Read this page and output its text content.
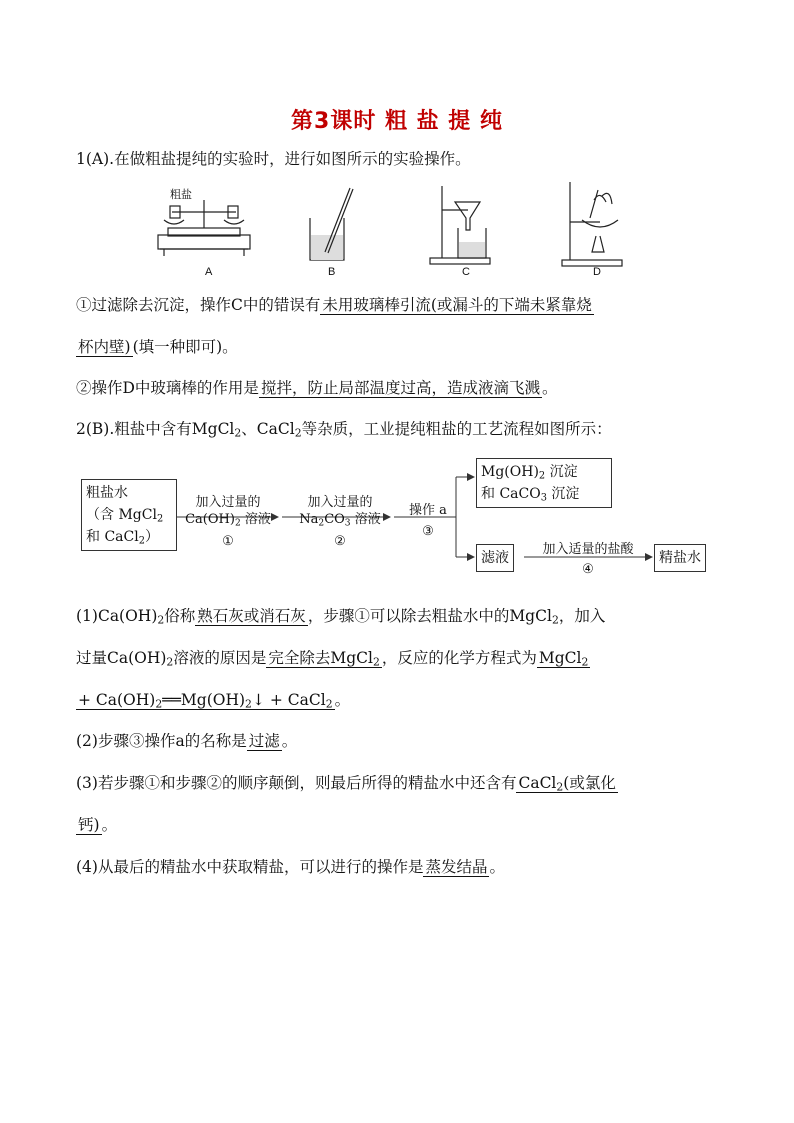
第3课时 粗 盐 提 纯
1(A).在做粗盐提纯的实验时，进行如图所示的实验操作。
粗盐
A	B	C	D
①过滤除去沉淀，操作C中的错误有 未用玻璃棒引流(或漏斗的下端未紧靠烧
杯内壁) (填一种即可)。
②操作D中玻璃棒的作用是 搅拌，防止局部温度过高，造成液滴飞溅 。
2(B).粗盐中含有MgCl$_2$、CaCl$_2$等杂质，工业提纯粗盐的工艺流程如图所示：
粗盐水
（含 MgCl$_2$
和 CaCl$_2$）
加入过量的
$Ca(OH)_2$ 溶液
①
加入过量的
$Na_2CO_3$ 溶液
②
操作 a
③
$Mg(OH)_2$ 沉淀
和 CaCO$_3$ 沉淀
滤液
加入适量的盐酸
④
精盐水
$(1)Ca(OH)_2$俗称 熟石灰或消石灰 ，步骤①可以除去粗盐水中的MgCl$_2$，加入
过量$Ca(OH)_2$溶液的原因是 完全除去MgCl$_2$ ，反应的化学方程式为 MgCl$_2$
+ $Ca(OH)_2══Mg(OH)_2↓$ + CaCl$_2$ 。
(2)步骤③操作a的名称是 过滤 。
(3)若步骤①和步骤②的顺序颠倒，则最后所得的精盐水中还含有 CaCl$_2$(或氯化
钙) 。
(4)从最后的精盐水中获取精盐，可以进行的操作是 蒸发结晶 。
